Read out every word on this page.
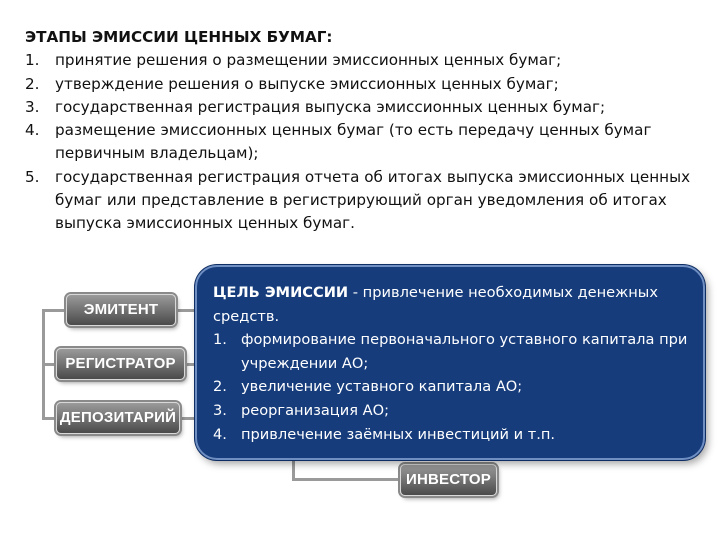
ЭТАПЫ ЭМИССИИ ЦЕННЫХ БУМАГ:
1.	принятие решения о размещении эмиссионных ценных бумаг;
2.	утверждение решения о выпуске эмиссионных ценных бумаг;
3.	государственная регистрация выпуска эмиссионных ценных бумаг;
4.	размещение эмиссионных ценных бумаг (то есть передачу ценных бумаг первичным владельцам);
5.	государственная регистрация отчета об итогах выпуска эмиссионных ценных бумаг или представление в регистрирующий орган уведомления об итогах выпуска эмиссионных ценных бумаг.
ЭМИТЕНТ
РЕГИСТРАТОР
ДЕПОЗИТАРИЙ
ИНВЕСТОР
ЦЕЛЬ ЭМИССИИ - привлечение необходимых денежных средств.
1. формирование первоначального уставного капитала при учреждении АО;
2. увеличение уставного капитала АО;
3. реорганизация АО;
4. привлечение заёмных инвестиций и т.п.
